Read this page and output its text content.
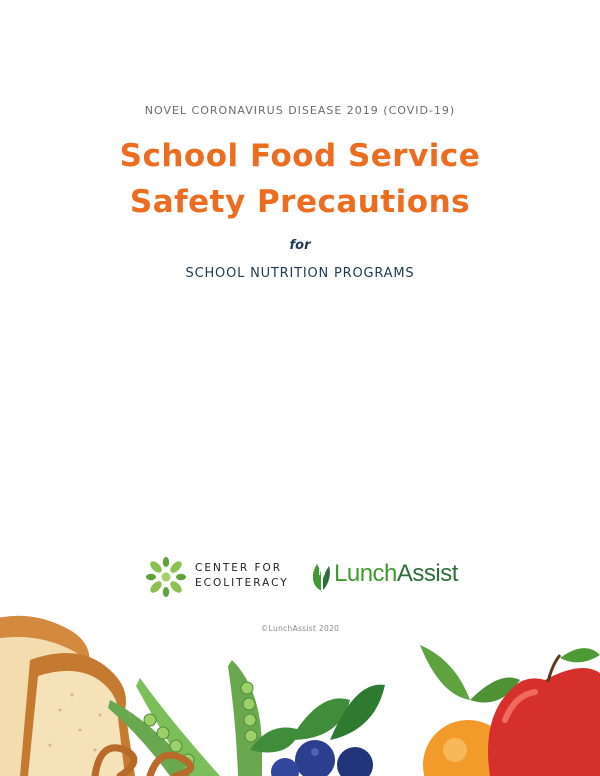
NOVEL CORONAVIRUS DISEASE 2019 (COVID-19)
School Food Service
Safety Precautions
for
SCHOOL NUTRITION PROGRAMS
CENTER FOR
ECOLITERACY LunchAssist
©LunchAssist 2020
